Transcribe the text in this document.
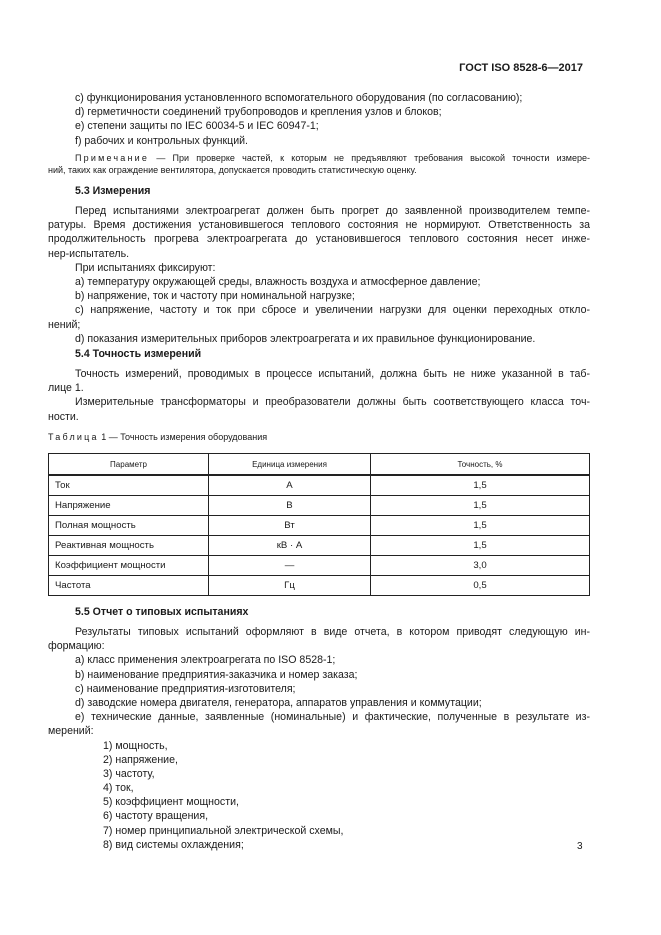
ГОСТ ISO 8528-6—2017
c) функционирования установленного вспомогательного оборудования (по согласованию);
d) герметичности соединений трубопроводов и крепления узлов и блоков;
e) степени защиты по IEC 60034-5 и IEC 60947-1;
f) рабочих и контрольных функций.
Примечание — При проверке частей, к которым не предъявляют требования высокой точности измере-
ний, таких как ограждение вентилятора, допускается проводить статистическую оценку.
5.3 Измерения
Перед испытаниями электроагрегат должен быть прогрет до заявленной производителем темпе-
ратуры. Время достижения установившегося теплового состояния не нормируют. Ответственность за
продолжительность прогрева электроагрегата до установившегося теплового состояния несет инже-
нер-испытатель.
При испытаниях фиксируют:
a) температуру окружающей среды, влажность воздуха и атмосферное давление;
b) напряжение, ток и частоту при номинальной нагрузке;
c) напряжение, частоту и ток при сбросе и увеличении нагрузки для оценки переходных откло-
нений;
d) показания измерительных приборов электроагрегата и их правильное функционирование.
5.4 Точность измерений
Точность измерений, проводимых в процессе испытаний, должна быть не ниже указанной в таб-
лице 1.
Измерительные трансформаторы и преобразователи должны быть соответствующего класса точ-
ности.
Таблица 1 — Точность измерения оборудования
Параметр	Единица измерения	Точность, %
Ток	А	1,5
Напряжение	В	1,5
Полная мощность	Вт	1,5
Реактивная мощность	кВ · А	1,5
Коэффициент мощности	—	3,0
Частота	Гц	0,5
5.5 Отчет о типовых испытаниях
Результаты типовых испытаний оформляют в виде отчета, в котором приводят следующую ин-
формацию:
a) класс применения электроагрегата по ISO 8528-1;
b) наименование предприятия-заказчика и номер заказа;
c) наименование предприятия-изготовителя;
d) заводские номера двигателя, генератора, аппаратов управления и коммутации;
e) технические данные, заявленные (номинальные) и фактические, полученные в результате из-
мерений:
1) мощность,
2) напряжение,
3) частоту,
4) ток,
5) коэффициент мощности,
6) частоту вращения,
7) номер принципиальной электрической схемы,
8) вид системы охлаждения;	3
